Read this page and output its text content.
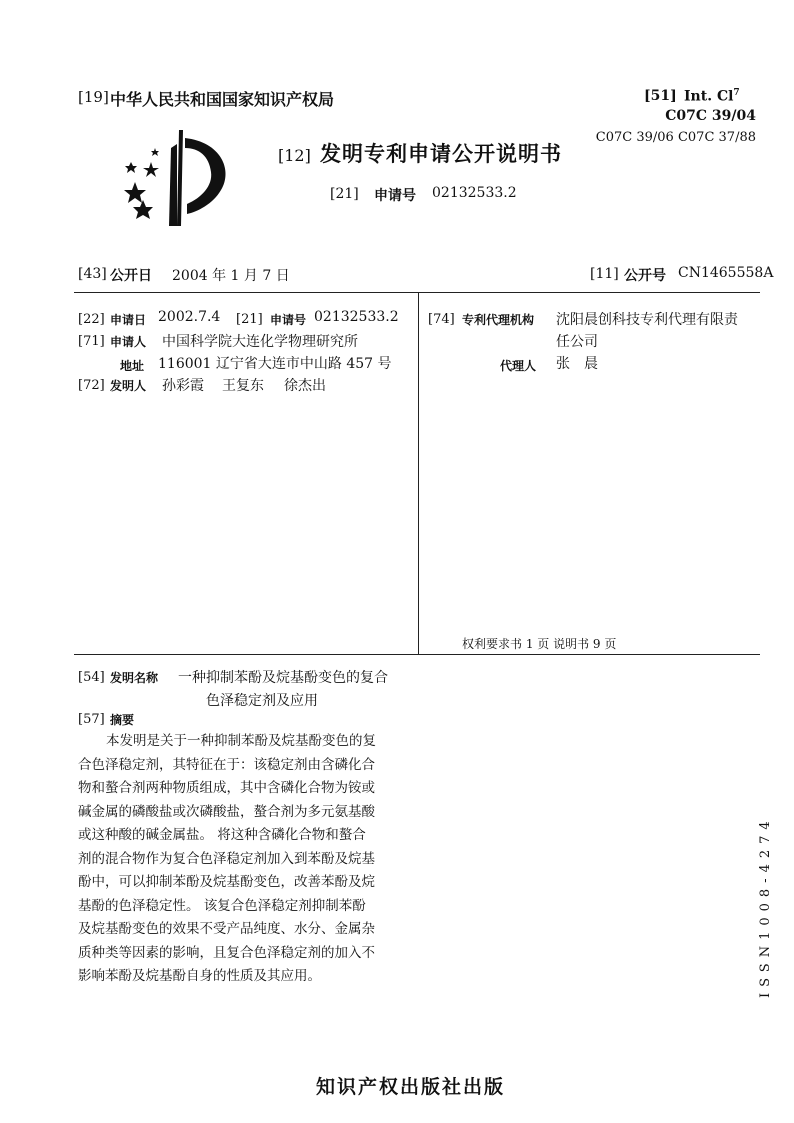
[19] 中华人民共和国国家知识产权局
[12] 发明专利申请公开说明书
[21] 申请号 02132533.2
[51] Int. Cl$^7$
C07C 39/04
C07C 39/06 C07C 37/88
[43] 公开日 2004 年 1 月 7 日	[11] 公开号 CN1465558A
[22] 申请日 2002.7.4 [21] 申请号 02132533.2
[71] 申请人 中国科学院大连化学物理研究所
地址 116001 辽宁省大连市中山路 457 号
[72] 发明人 孙彩霞 王复东 徐杰出
[74] 专利代理机构 沈阳晨创科技专利代理有限责
任公司
代理人 张　晨
权利要求书 1 页 说明书 9 页
[54] 发明名称 一种抑制苯酚及烷基酚变色的复合
色泽稳定剂及应用
[57] 摘要
本发明是关于一种抑制苯酚及烷基酚变色的复
合色泽稳定剂，其特征在于：该稳定剂由含磷化合
物和螯合剂两种物质组成，其中含磷化合物为铵或
碱金属的磷酸盐或次磷酸盐，螯合剂为多元氨基酸
或这种酸的碱金属盐。 将这种含磷化合物和螯合
剂的混合物作为复合色泽稳定剂加入到苯酚及烷基
酚中，可以抑制苯酚及烷基酚变色，改善苯酚及烷
基酚的色泽稳定性。 该复合色泽稳定剂抑制苯酚
及烷基酚变色的效果不受产品纯度、水分、金属杂
质种类等因素的影响，且复合色泽稳定剂的加入不
影响苯酚及烷基酚自身的性质及其应用。	ISSN1008-4274
知识产权出版社出版
